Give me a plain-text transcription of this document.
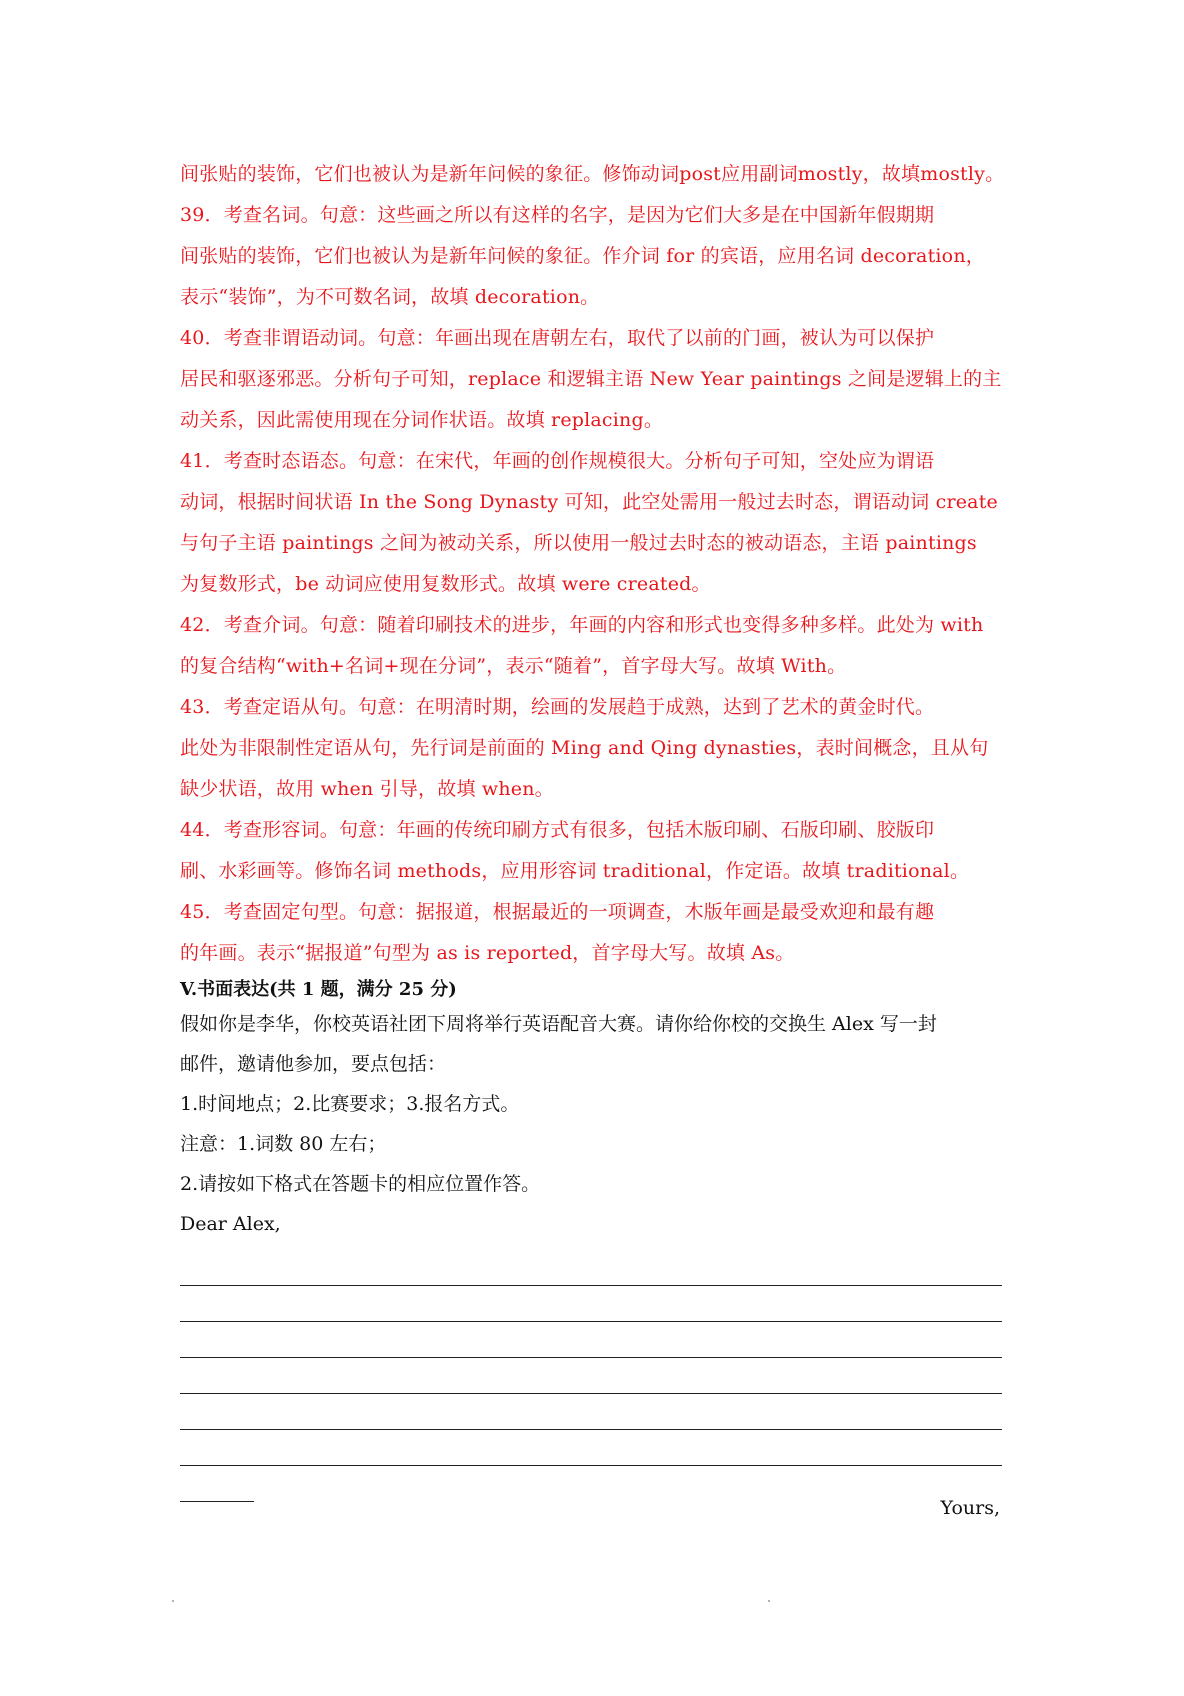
间张贴的装饰，它们也被认为是新年问候的象征。修饰动词post应用副词mostly，故填mostly。
39．考查名词。句意：这些画之所以有这样的名字，是因为它们大多是在中国新年假期期
间张贴的装饰，它们也被认为是新年问候的象征。作介词 for 的宾语，应用名词 decoration，
表示“装饰”，为不可数名词，故填 decoration。
40．考查非谓语动词。句意：年画出现在唐朝左右，取代了以前的门画，被认为可以保护
居民和驱逐邪恶。分析句子可知，replace 和逻辑主语 New Year paintings 之间是逻辑上的主
动关系，因此需使用现在分词作状语。故填 replacing。
41．考查时态语态。句意：在宋代，年画的创作规模很大。分析句子可知，空处应为谓语
动词，根据时间状语 In the Song Dynasty 可知，此空处需用一般过去时态，谓语动词 create
与句子主语 paintings 之间为被动关系，所以使用一般过去时态的被动语态，主语 paintings
为复数形式，be 动词应使用复数形式。故填 were created。
42．考查介词。句意：随着印刷技术的进步，年画的内容和形式也变得多种多样。此处为 with
的复合结构“with+名词+现在分词”，表示“随着”，首字母大写。故填 With。
43．考查定语从句。句意：在明清时期，绘画的发展趋于成熟，达到了艺术的黄金时代。
此处为非限制性定语从句，先行词是前面的 Ming and Qing dynasties，表时间概念，且从句
缺少状语，故用 when 引导，故填 when。
44．考查形容词。句意：年画的传统印刷方式有很多，包括木版印刷、石版印刷、胶版印
刷、水彩画等。修饰名词 methods，应用形容词 traditional，作定语。故填 traditional。
45．考查固定句型。句意：据报道，根据最近的一项调查，木版年画是最受欢迎和最有趣
的年画。表示“据报道”句型为 as is reported，首字母大写。故填 As。
V.书面表达(共 1 题，满分 25 分)
假如你是李华，你校英语社团下周将举行英语配音大赛。请你给你校的交换生 Alex 写一封
邮件，邀请他参加，要点包括：
1.时间地点；2.比赛要求；3.报名方式。
注意：1.词数 80 左右；
2.请按如下格式在答题卡的相应位置作答。
Dear Alex,
Yours,
